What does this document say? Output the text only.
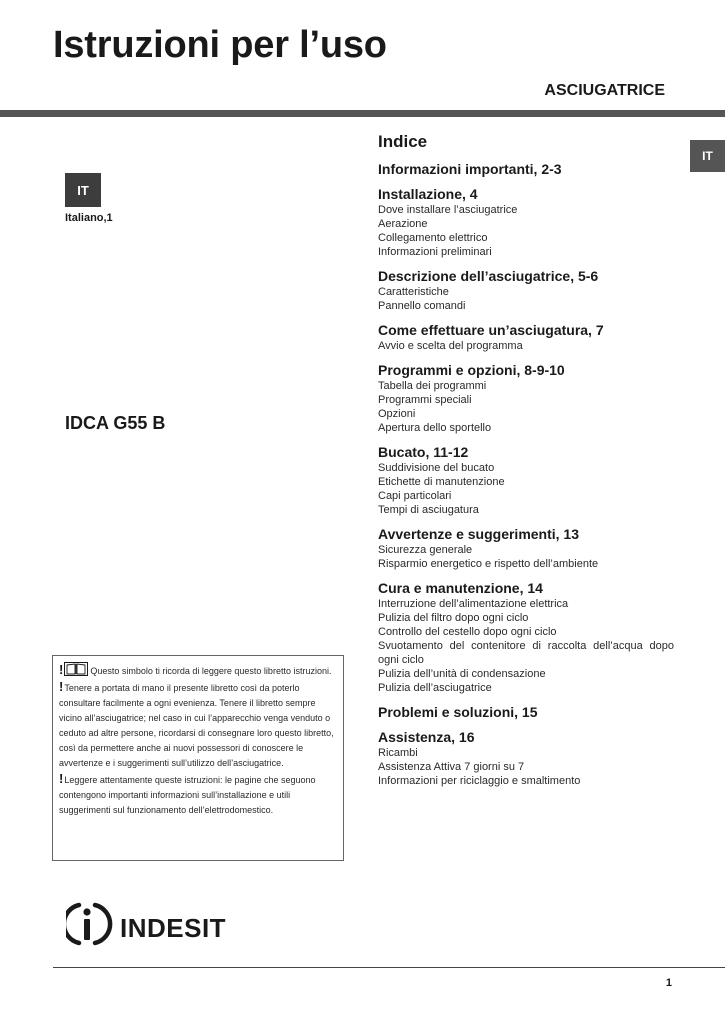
Istruzioni per l’uso
ASCIUGATRICE
IT
IT
Italiano,1
IDCA G55 B
Indice
Informazioni importanti, 2-3
Installazione, 4
Dove installare l’asciugatrice
Aerazione
Collegamento elettrico
Informazioni preliminari
Descrizione dell’asciugatrice, 5-6
Caratteristiche
Pannello comandi
Come effettuare un’asciugatura, 7
Avvio e scelta del programma
Programmi e opzioni, 8-9-10
Tabella dei programmi
Programmi speciali
Opzioni
Apertura dello sportello
Bucato, 11-12
Suddivisione del bucato
Etichette di manutenzione
Capi particolari
Tempi di asciugatura
Avvertenze e suggerimenti, 13
Sicurezza generale
Risparmio energetico e rispetto dell’ambiente
Cura e manutenzione, 14
Interruzione dell’alimentazione elettrica
Pulizia del filtro dopo ogni ciclo
Controllo del cestello dopo ogni ciclo
Svuotamento del contenitore di raccolta dell’acqua dopo ogni ciclo
Pulizia dell’unità di condensazione
Pulizia dell’asciugatrice
Problemi e soluzioni, 15
Assistenza, 16
Ricambi
Assistenza Attiva 7 giorni su 7
Informazioni per riciclaggio e smaltimento

!	Questo simbolo ti ricorda di leggere questo libretto istruzioni.

!Tenere a portata di mano il presente libretto così da poterlo consultare facilmente a ogni evenienza. Tenere il libretto sempre vicino all’asciugatrice; nel caso in cui l’apparecchio venga venduto o ceduto ad altre persone, ricordarsi di consegnare loro questo libretto, così da permettere anche ai nuovi possessori di conoscere le avvertenze e i suggerimenti sull’utilizzo dell’asciugatrice.

!Leggere attentamente queste istruzioni: le pagine che seguono contengono importanti informazioni sull’installazione e utili suggerimenti sul funzionamento dell’elettrodomestico.

INDESIT
1
